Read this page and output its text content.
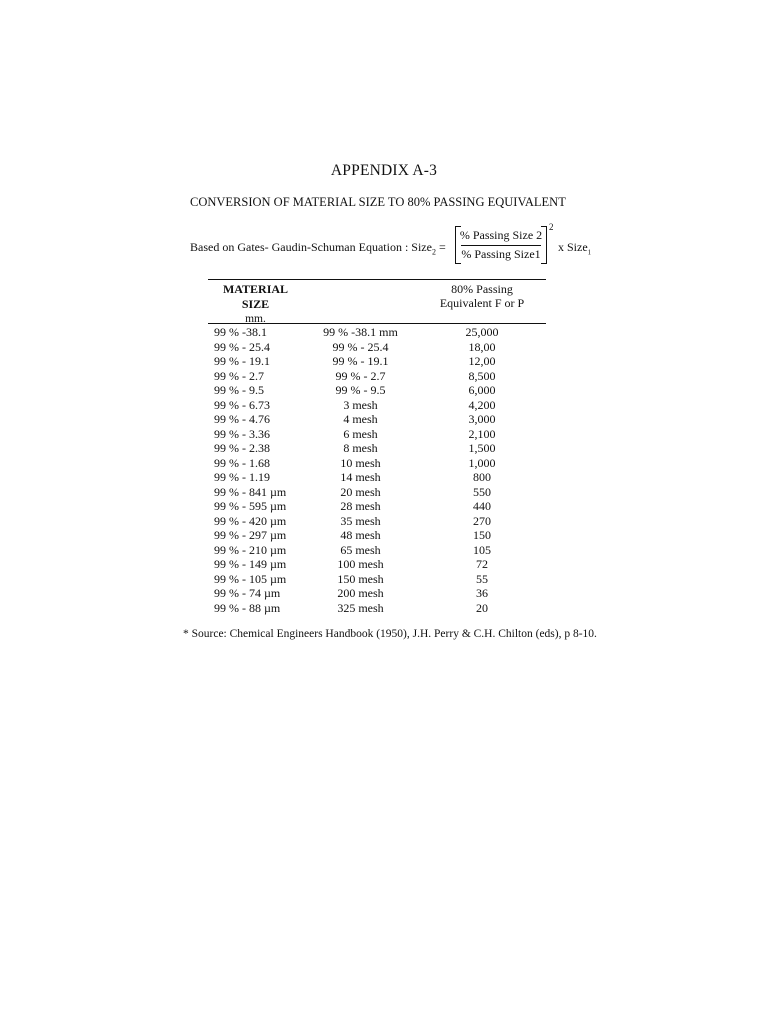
APPENDIX A-3
CONVERSION OF MATERIAL SIZE TO 80% PASSING EQUIVALENT
Based on Gates- Gaudin-Schuman Equation : Size$_2$ =
% Passing Size 2
% Passing Size1
2
x Size$_1$
MATERIAL
SIZE
mm.
80% Passing
Equivalent F or P
99 % -38.1	99 % -38.1 mm	25,000
99 % - 25.4	99 % - 25.4	18,00
99 % - 19.1	99 % - 19.1	12,00
99 % - 2.7	99 % - 2.7	8,500
99 % - 9.5	99 % - 9.5	6,000
99 % - 6.73	3 mesh	4,200
99 % - 4.76	4 mesh	3,000
99 % - 3.36	6 mesh	2,100
99 % - 2.38	8 mesh	1,500
99 % - 1.68	10 mesh	1,000
99 % - 1.19	14 mesh	800
99 % - 841 µm	20 mesh	550
99 % - 595 µm	28 mesh	440
99 % - 420 µm	35 mesh	270
99 % - 297 µm	48 mesh	150
99 % - 210 µm	65 mesh	105
99 % - 149 µm	100 mesh	72
99 % - 105 µm	150 mesh	55
99 % - 74 µm	200 mesh	36
99 % - 88 µm	325 mesh	20
* Source: Chemical Engineers Handbook (1950), J.H. Perry & C.H. Chilton (eds), p 8-10.
